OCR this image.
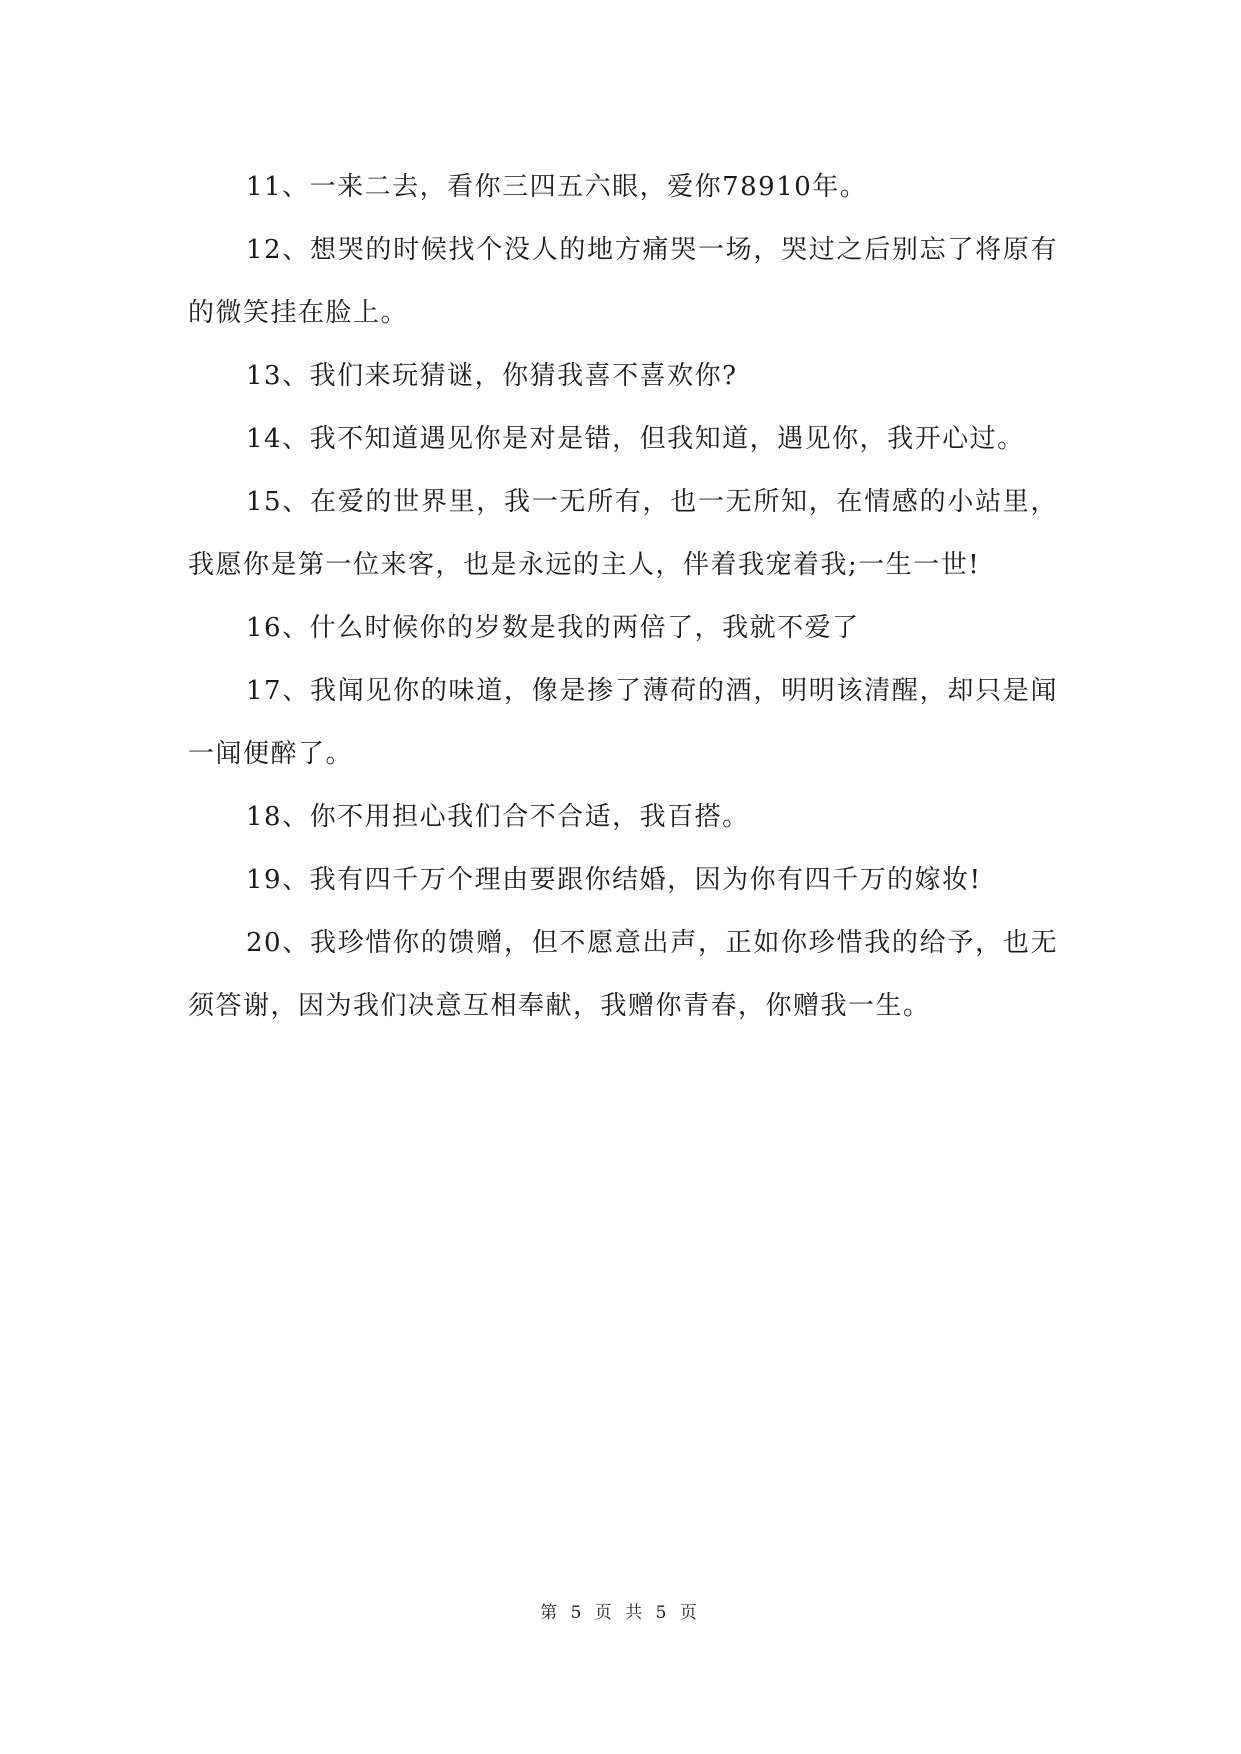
11、一来二去，看你三四五六眼，爱你78910年。

12、想哭的时候找个没人的地方痛哭一场，哭过之后别忘了将原有的微笑挂在脸上。

13、我们来玩猜谜，你猜我喜不喜欢你?

14、我不知道遇见你是对是错，但我知道，遇见你，我开心过。

15、在爱的世界里，我一无所有，也一无所知，在情感的小站里，我愿你是第一位来客，也是永远的主人，伴着我宠着我;一生一世!

16、什么时候你的岁数是我的两倍了，我就不爱了

17、我闻见你的味道，像是掺了薄荷的酒，明明该清醒，却只是闻一闻便醉了。

18、你不用担心我们合不合适，我百搭。

19、我有四千万个理由要跟你结婚，因为你有四千万的嫁妆!

20、我珍惜你的馈赠，但不愿意出声，正如你珍惜我的给予，也无须答谢，因为我们决意互相奉献，我赠你青春，你赠我一生。

第 5 页 共 5 页
